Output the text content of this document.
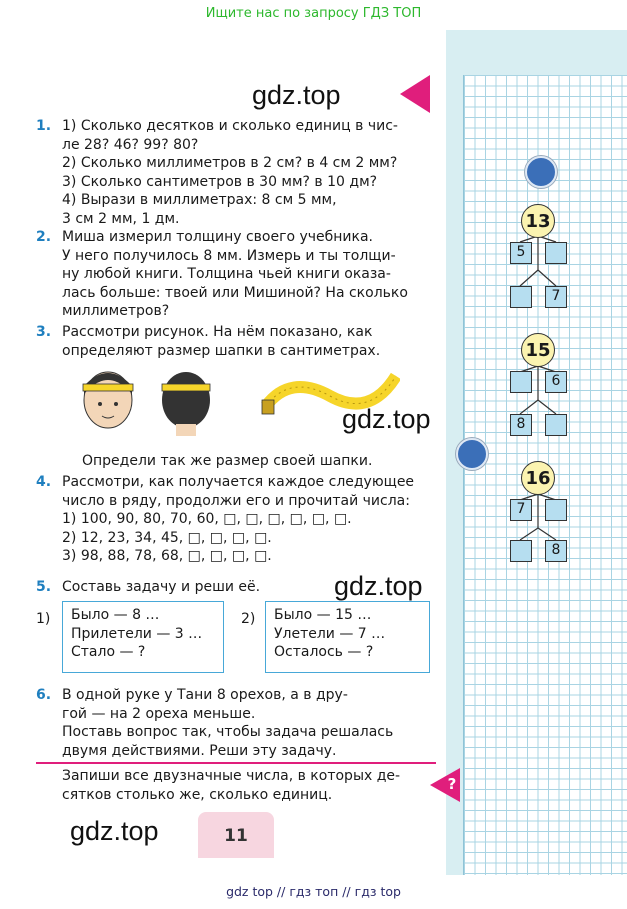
Ищите нас по запросу ГДЗ ТОП
gdz.top
gdz.top
gdz.top
gdz.top
1. 1) Сколько десятков и сколько единиц в чис-
ле 28? 46? 99? 80?
2) Сколько миллиметров в 2 см? в 4 см 2 мм?
3) Сколько сантиметров в 30 мм? в 10 дм?
4) Вырази в миллиметрах: 8 см 5 мм,
3 см 2 мм, 1 дм.
2. Миша измерил толщину своего учебника.
У него получилось 8 мм. Измерь и ты толщи-
ну любой книги. Толщина чьей книги оказа-
лась больше: твоей или Мишиной? На сколько
миллиметров?
3. Рассмотри рисунок. На нём показано, как
определяют размер шапки в сантиметрах.
Определи так же размер своей шапки.
4. Рассмотри, как получается каждое следующее
число в ряду, продолжи его и прочитай числа:
1) 100, 90, 80, 70, 60, □, □, □, □, □, □.
2) 12, 23, 34, 45, □, □, □, □.
3) 98, 88, 78, 68, □, □, □, □.
5. Составь задачу и реши её.
1) Было — 8 …
Прилетели — 3 …
Стало — ?
2) Было — 15 …
Улетели — 7 …
Осталось — ?
6. В одной руке у Тани 8 орехов, а в дру-
гой — на 2 ореха меньше.
Поставь вопрос так, чтобы задача решалась
двумя действиями. Реши эту задачу.
Запиши все двузначные числа, в которых де-
сятков столько же, сколько единиц.
?
11
13
5
7
15
6
8
16
7
8
gdz top // гдз топ // гдз top
